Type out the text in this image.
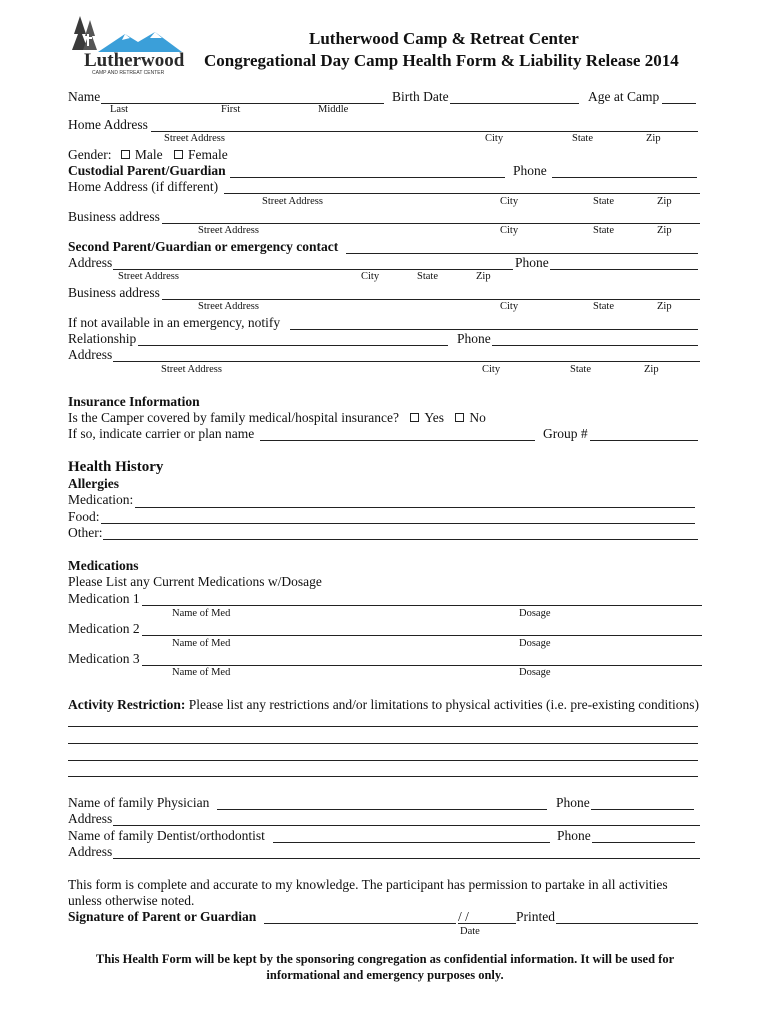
Lutherwood
CAMP AND RETREAT CENTER
Lutherwood Camp & Retreat Center
Congregational Day Camp Health Form & Liability Release 2014
Name	Birth Date	Age at Camp
Last	First	Middle
Home Address
Street Address	City	State	Zip
Gender: Male Female
Custodial Parent/Guardian	Phone
Home Address (if different)
Street Address	City	State	Zip
Business address
Street Address	City	State	Zip
Second Parent/Guardian or emergency contact
Address	Phone
Street Address	City	State	Zip
Business address
Street Address	City	State	Zip
If not available in an emergency, notify
Relationship	Phone
Address
Street Address	City	State	Zip
Insurance Information
Is the Camper covered by family medical/hospital insurance? Yes No
If so, indicate carrier or plan name	Group #
Health History
Allergies
Medication:
Food:
Other:
Medications
Please List any Current Medications w/Dosage
Medication 1
Name of Med	Dosage
Medication 2
Name of Med	Dosage
Medication 3
Name of Med	Dosage
Activity Restriction: Please list any restrictions and/or limitations to physical activities (i.e. pre-existing conditions)
Name of family Physician	Phone
Address
Name of family Dentist/orthodontist	Phone
Address
This form is complete and accurate to my knowledge. The participant has permission to partake in all activities
unless otherwise noted.
Signature of Parent or Guardian	/ /	Printed
Date
This Health Form will be kept by the sponsoring congregation as confidential information. It will be used for
informational and emergency purposes only.
